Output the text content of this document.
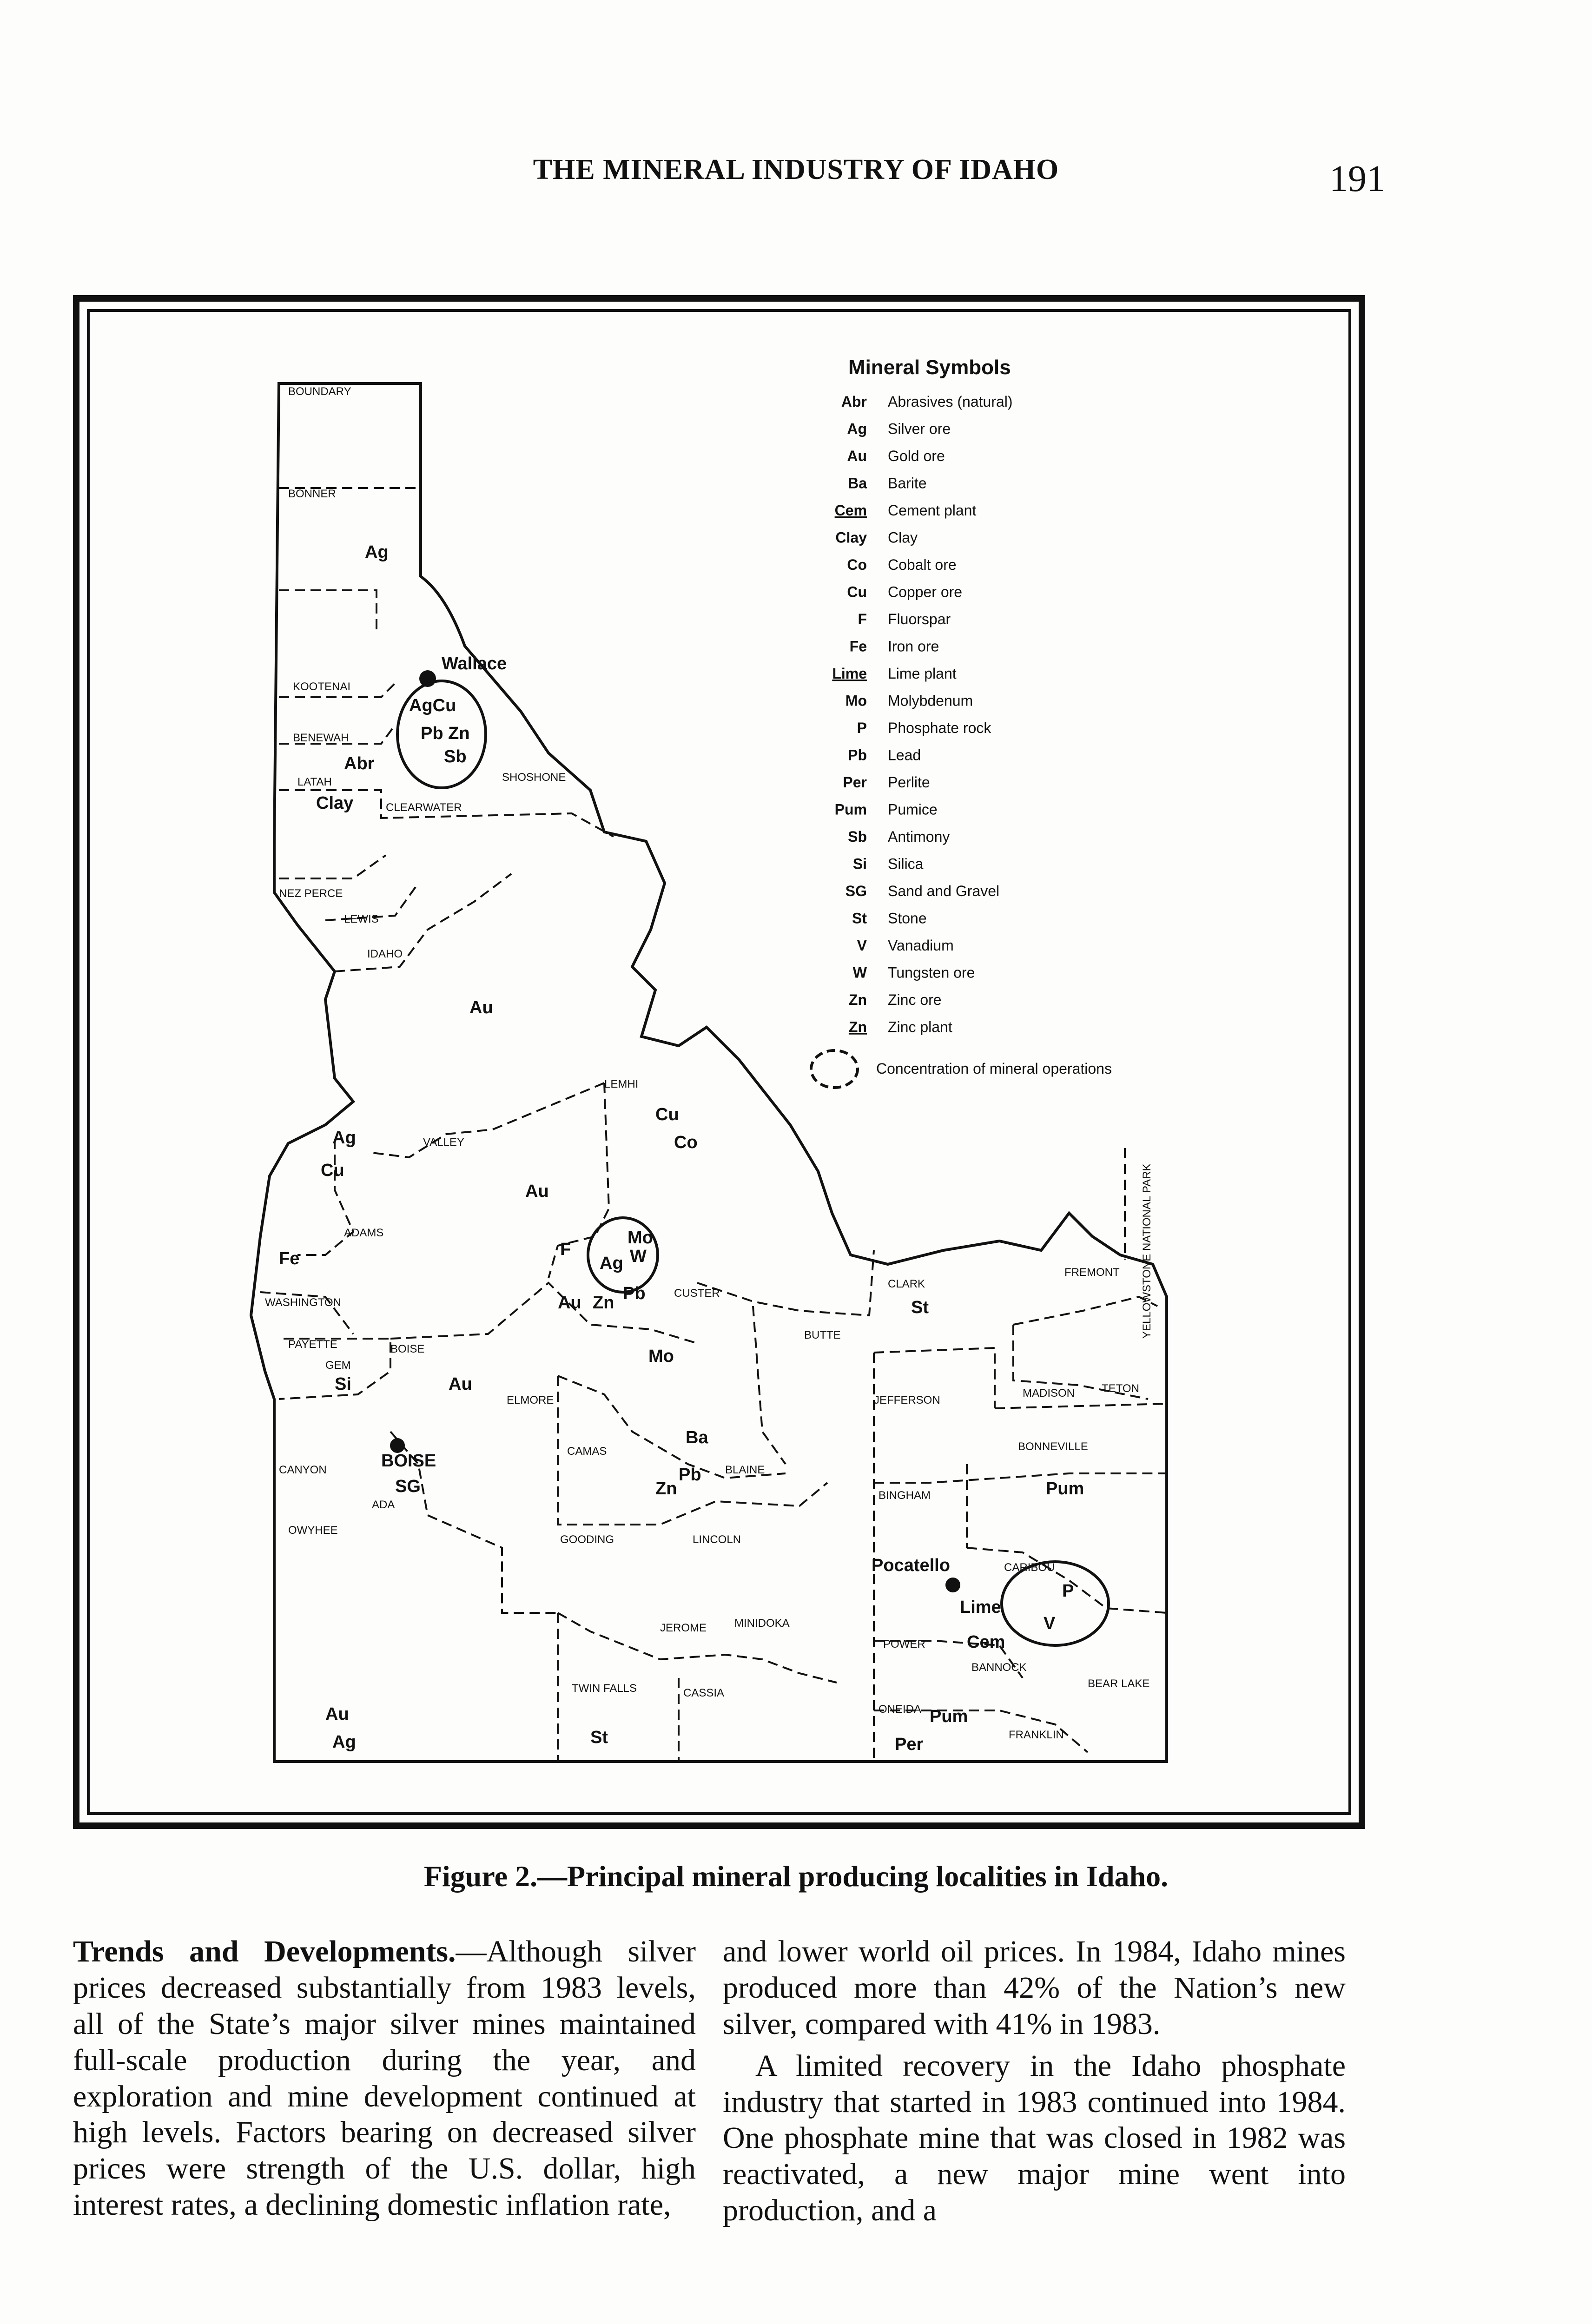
THE MINERAL INDUSTRY OF IDAHO	191
BOUNDARY
BONNER
KOOTENAI
BENEWAH
LATAH	SHOSHONE
CLEARWATER
NEZ PERCE
LEWIS
IDAHO
LEMHI
VALLEY
ADAMS
WASHINGTON
PAYETTE
GEM
BOISE
CUSTER
CLARK
FREMONT
BUTTE
JEFFERSON
MADISON TETON
ELMORE
CAMAS
BLAINE
BONNEVILLE
CANYON
ADA
BINGHAM
OWYHEE
GOODING	LINCOLN
CARIBOU
JEROME MINIDOKA
POWER
BANNOCK
BEAR LAKE
TWIN FALLS	CASSIA
ONEIDA
FRANKLIN
YELLOWSTONE NATIONAL PARK
Wallace
BOISE
Pocatello
Ag
AgCu
Pb Zn
Sb
Abr
Clay
Au
Cu
Co
Ag
Cu
Au
Fe	F
Ag W
Mo
Au Zn Pb
Mo
St
Si	Au
Ba
Pb
Zn
SG	Pum
Lime
Cem
P
V
Pum
Per
Au
Ag	St
Mineral Symbols
Abr Abrasives (natural)
Ag Silver ore
Au Gold ore
Ba Barite
Cem Cement plant
Clay Clay
Co Cobalt ore
Cu Copper ore
F Fluorspar
Fe Iron ore
Lime Lime plant
Mo Molybdenum
P Phosphate rock
Pb Lead
Per Perlite
Pum Pumice
Sb Antimony
Si Silica
SG Sand and Gravel
St Stone
V Vanadium
W Tungsten ore
Zn Zinc ore
Zn Zinc plant
Concentration of mineral operations
Figure 2.—Principal mineral producing localities in Idaho.

Trends and Developments.—Although silver prices decreased substantially from 1983 levels, all of the State’s major silver mines maintained full-scale production during the year, and exploration and mine development continued at high levels. Factors bearing on decreased silver prices were strength of the U.S. dollar, high interest rates, a declining domestic inflation rate,

and lower world oil prices. In 1984, Idaho mines produced more than 42% of the Nation’s new silver, compared with 41% in 1983.

A limited recovery in the Idaho phosphate industry that started in 1983 continued into 1984. One phosphate mine that was closed in 1982 was reactivated, a new major mine went into production, and a
